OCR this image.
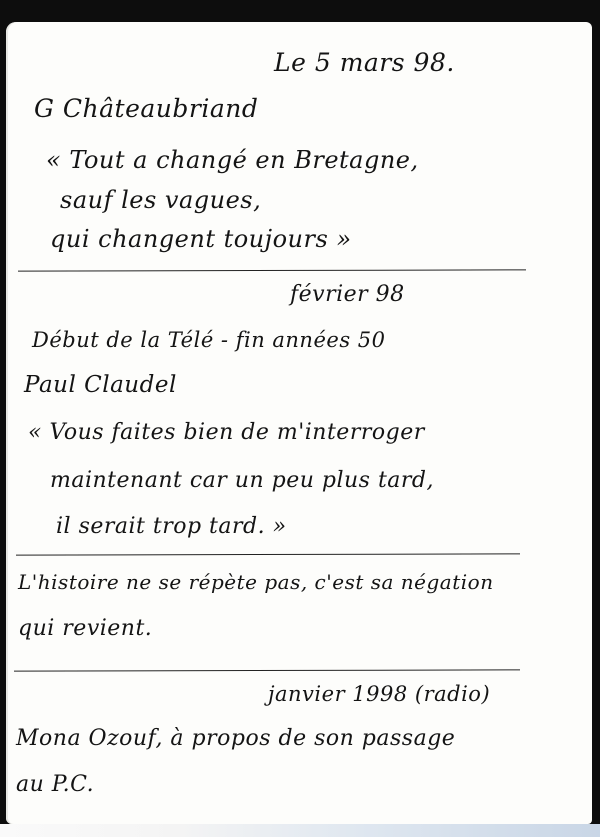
Le 5 mars 98.
G Châteaubriand
« Tout a changé en Bretagne,
sauf les vagues,
qui changent toujours »
février 98
Début de la Télé - fin années 50
Paul Claudel
« Vous faites bien de m'interroger
maintenant car un peu plus tard,
il serait trop tard. »
L'histoire ne se répète pas, c'est sa négation
qui revient.
janvier 1998 (radio)
Mona Ozouf, à propos de son passage
au P.C.
